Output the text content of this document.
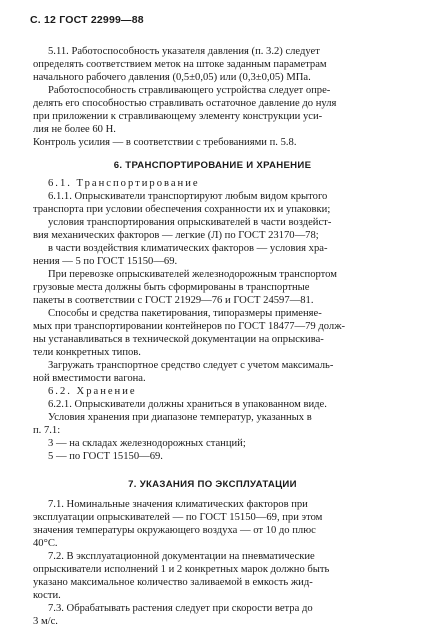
С. 12 ГОСТ 22999—88
5.11. Работоспособность указателя давления (п. 3.2) следует
определять соответствием меток на штоке заданным параметрам
начального рабочего давления (0,5±0,05) или (0,3±0,05) МПа.
Работоспособность стравливающего устройства следует опре-
делять его способностью стравливать остаточное давление до нуля
при приложении к стравливающему элементу конструкции уси-
лия не более 60 Н.
Контроль усилия — в соответствии с требованиями п. 5.8.
6. ТРАНСПОРТИРОВАНИЕ И ХРАНЕНИЕ
6.1. Транспортирование
6.1.1. Опрыскиватели транспортируют любым видом крытого
транспорта при условии обеспечения сохранности их и упаковки;
условия транспортирования опрыскивателей в части воздейст-
вия механических факторов — легкие (Л) по ГОСТ 23170—78;
в части воздействия климатических факторов — условия хра-
нения — 5 по ГОСТ 15150—69.
При перевозке опрыскивателей железнодорожным транспортом
грузовые места должны быть сформированы в транспортные
пакеты в соответствии с ГОСТ 21929—76 и ГОСТ 24597—81.
Способы и средства пакетирования, типоразмеры применяе-
мых при транспортировании контейнеров по ГОСТ 18477—79 долж-
ны устанавливаться в технической документации на опрыскива-
тели конкретных типов.
Загружать транспортное средство следует с учетом максималь-
ной вместимости вагона.
6.2. Хранение
6.2.1. Опрыскиватели должны храниться в упакованном виде.
Условия хранения при диапазоне температур, указанных в
п. 7.1:
3 — на складах железнодорожных станций;
5 — по ГОСТ 15150—69.
7. УКАЗАНИЯ ПО ЭКСПЛУАТАЦИИ
7.1. Номинальные значения климатических факторов при
эксплуатации опрыскивателей — по ГОСТ 15150—69, при этом
значения температуры окружающего воздуха — от 10 до плюс
40°С.
7.2. В эксплуатационной документации на пневматические
опрыскиватели исполнений 1 и 2 конкретных марок должно быть
указано максимальное количество заливаемой в емкость жид-
кости.
7.3. Обрабатывать растения следует при скорости ветра до
3 м/с.
